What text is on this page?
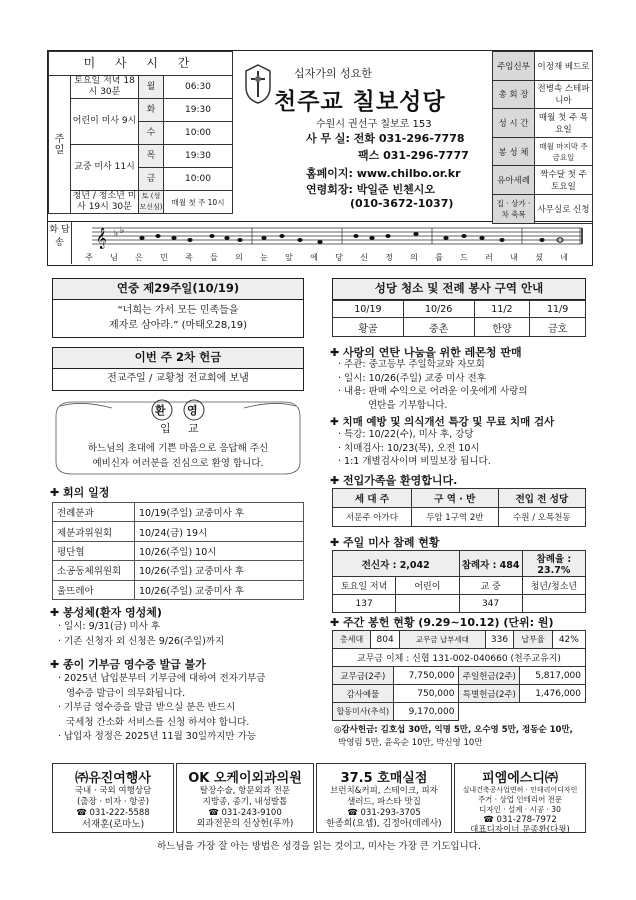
미 사 시 간			
주 일	토요일 저녁 18시 30분	월	06:30
	어린이 미사 9시	화	19:30
		수	10:00
	교중 미사 11시	목	19:30
		금	10:00
	청년 / 청소년 미사 19시 30분	토 (성모신심)	매월 첫 주 10시
십자가의 성요한
천주교 칠보성당
수원시 권선구 칠보로 153
사 무 실: 전화 031-296-7778
팩스 031-296-7777
홈페이지: www.chilbo.or.kr
연령회장: 박일준 빈첸시오
(010-3672-1037)
주임신부	이정재 베드로
총 회 장	전병속 스테파니아
성 시 간	매월 첫 주 목요일
봉 성 체	매월 마지막 주 금요일
유아세례	짝수달 첫 주 토요일
집 · 상가 · 차 축복	사무실로 신청
화 답 송	𝄞 ♭ ♭
주	님	은	민	족	들	의	눈	앞	에	당	신	정	의	를	드	러	내	셨	네
연중 제29주일(10/19)
“너희는 가서 모든 민족들을
제자로 삼아라.” (마태오28,19)
이번 주 2차 헌금
전교주일 / 교황청 전교회에 보냄
환 영
입 교
하느님의 초대에 기쁜 마음으로 응답해 주신
예비신자 여러분을 진심으로 환영 합니다.
✚ 회의 일정
전례분과	10/19(주일) 교중미사 후
제분과위원회	10/24(금) 19시
평단협	10/26(주일) 10시
소공동체위원회	10/26(주일) 교중미사 후
울뜨레아	10/26(주일) 교중미사 후
✚ 봉성체(환자 영성체)
· 일시: 9/31(금) 미사 후
· 기존 신청자 외 신청은 9/26(주일)까지
✚ 종이 기부금 영수증 발급 불가
· 2025년 납입분부터 기부금에 대하여 전자기부금
영수증 발급이 의무화됩니다.
· 기부금 영수증을 발급 받으실 분은 반드시
국세청 간소화 서비스를 신청 하셔야 합니다.
· 납입자 정정은 2025년 11월 30일까지만 가능
성당 청소 및 전례 봉사 구역 안내
10/19	10/26	11/2	11/9
황골	중촌	한양	금호
✚ 사랑의 연탄 나눔을 위한 레몬청 판매
· 주관: 중고등부 주일학교와 자모회
· 일시: 10/26(주일) 교중 미사 전후
· 내용: 판매 수익으로 어려운 이웃에게 사랑의
연탄을 기부합니다.
✚ 치매 예방 및 의식개선 특강 및 무료 치매 검사
· 특강: 10/22(수), 미사 후, 강당
· 치매검사: 10/23(목), 오전 10시
· 1:1 개별검사이며 비밀보장 됩니다.
✚ 전입가족을 환영합니다.
세 대 주	구 역 · 반	전입 전 성당
서문주 아가다	두암 1구역 2반	수원 / 오목천동
✚ 주일 미사 참례 현황
전신자 : 2,042		참례자 : 484	참례율 : 23.7%
토요일 저녁	어린이	교 중	청년/청소년
137		347	
✚ 주간 봉헌 현황 (9.29~10.12) (단위: 원)
총세대	804	교무금 납부세대	336	납부율	42%
교무금 이체 : 신협 131-002-040660 (천주교유지)
교무금(2주)	7,750,000	주일헌금(2주)	5,817,000
감사예물	750,000	특별헌금(2주)	1,476,000
합동미사(추석)	9,170,000		
◎감사헌금: 김호섭 30만, 익명 5만, 오수영 5만, 정동순 10만,
박영림 5만, 윤옥순 10만, 박신영 10만
㈜유진여행사
국내 · 국외 여행상담
(출장 · 비자 · 항공)
☎ 031-222-5588
서재훈(로마노)
OK 오케이외과의원
탈장수술, 항문외과 전문
지방종, 종기, 내성발톱
☎ 031-243-9100
외과전문의 신상헌(루까)
37.5 호매실점
브런치&커피, 스테이크, 피자
샐러드, 파스타 맛집
☎ 031-293-3705
한종희(요셉), 김정아(데레사)
피엠에스디㈜
실내건축공사업면허 · 인테리어디자인
주거 · 상업 인테리어 전문
디자인 · 설계 · 시공 · 30
☎ 031-278-7972
대표디자이너 문종환(다윗)
하느님을 가장 잘 아는 방법은 성경을 읽는 것이고, 미사는 가장 큰 기도입니다.
